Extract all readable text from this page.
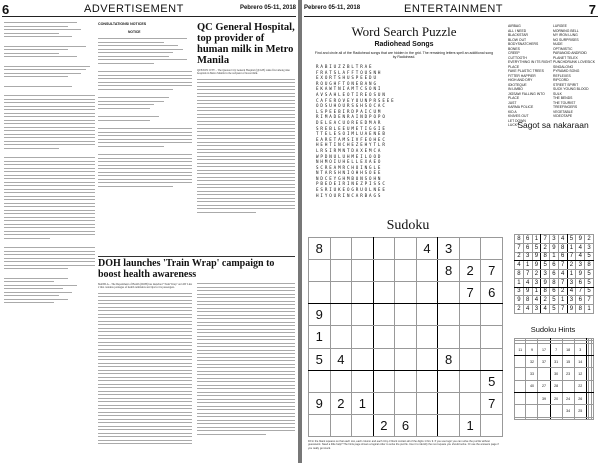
6	ADVERTISEMENT	Pebrero 05-11, 2018
CONSULTATIONS/ NOTICES
NOTICE	QC General Hospital, top provider of human milk in Metro Manila
QUEZON CITY – The Quezon City General Hospital (QCGH) ranks first among nine hospitals in Metro Manila in the recipient of breast milk.
DOH launches 'Train Wrap' campaign to boost health awareness
MANILA – The Department of Health (DOH) has launched "Train Wrap" on LRT Line 2 that contains packages of health reminders and tips for its passengers.
Pebrero 05-11, 2018	ENTERTAINMENT	7
Word Search Puzzle
Radiohead Songs
Find and circle all of the Radiohead songs that are hidden in the grid. The remaining letters spell an additional song by Radiohead.
RABIUZZBLTRAE
FRATSLAFFTOUSNH
EXORTSHUSPEEDU
ROUGHFTONEBANG
EKAWTNIAMTCSONI
AVSAHLEOTIREOSUN
CAFEROVEYOUNPRSEEE
ODSUHOURSGHSOCAC
LSPEEBIRDPAICUM
RIMADENRAINDPOPO
DELEACUOREEDMAR
SREBLEEUMETIGGIE
TTELESOIMLUAENEB
EARETAMSIVFEOHEC
HEHTINCHEZEHYTLR
LRSIRMNTDAXEMCA
WPDNULUHMEILOOD
NHMOIUHELLEXAEO
SCREAMRCHOINGLE
NTARSHNIOHHSOEE
NDCEYGHMBUNSOHN
PBEDEIRINEZPISSC
ESRIUKEOGRUOLNEE
HIYOURINCARBAGS
AIRBAG
ALL I NEED
BLACKSTAR
BLOW OUT
BODYSNATCHERS
BONES
CREEP
CUTTOOTH
EVERYTHING IN ITS RIGHT PLACE
FAKE PLASTIC TREES
FITTER HAPPIER
HIGH AND DRY
IDIOTEQUE
IN LIMBO
JIGSAW FALLING INTO PLACE
JUST
KARMA POLICE
KID A
KNIVES OUT
LET DOWN
LUCKY
LURGEE
MORNING BELL
MY IRON LUNG
NO SURPRISES
NUDE
OPTIMISTIC
PARANOID ANDROID
PLANET TELEX
PUNCHDRUNK LOVESICK SINGALONG
PYRAMID SONG
REFLEXES
RIPCORD
STREET SPIRIT
SUCK YOUNG BLOOD
SULK
THE BENDS
THE TOURIST
TREEFINGERS
VEGETABLE
VIDEOTAPE
Sagot sa nakaraan
8	6	1	7	3	4	5	9	2
7	6	5	2	9	8	1	4	3
2	3	9	8	1	6	7	4	5
4	1	9	5	6	7	2	3	8
8	7	2	3	6	4	1	9	5
1	4	3	9	8	7	3	6	5
3	9	1	8	6	2	4	7	5
9	8	4	2	5	1	3	6	7
2	4	3	4	5	7	9	8	1
Sudoku
8					4	3		
						8	2	7
							7	6
9								
1								
5	4					8		
								5
9	2	1						7
			2	6			1	
Fill in the blank squares so that each row, each column and each 3-by-3 block contain all of the digits 1 thru 9. If you use logic you can solve the puzzle without guesswork. Need a little help? The hints page shows a logical order to solve the puzzle. Use it to identify the next square you should solve. Or use the answers page if you really get stuck.
Sudoku Hints

11	9	17	7	18	3			
	32	37	31	15	14			
	33		30	23	12			
	40	27	28		22			
		39	20	24	26			
				34	25			
